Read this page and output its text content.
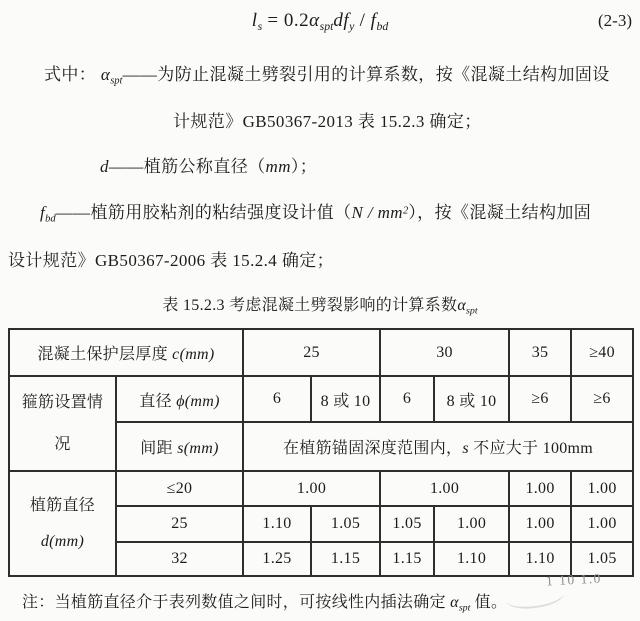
$l_s = 0.2\alpha_{spt}df_y / f_{bd}$	(2-3)
式中： $\alpha_{spt}——$为防止混凝土劈裂引用的计算系数，按《混凝土结构加固设
计规范》GB50367-2013 表 15.2.3 确定；
d——植筋公称直径（mm）；
$f_{bd}——$植筋用胶粘剂的粘结强度设计值$(N / mm^2)$，按《混凝土结构加固
设计规范》GB50367-2006 表 15.2.4 确定；
表 15.2.3 考虑混凝土劈裂影响的计算系数$\alpha_{spt}$
混凝土保护层厚度 c(mm)		25		30		35	≥40

箍筋设置情
况	直径 ϕ(mm)	6	8 或 10	6	8 或 10	≥6	≥6
	间距 s(mm)	在植筋锚固深度范围内，s 不应大于 100mm					

植筋直径
d(mm)	≤20	1.00		1.00		1.00	1.00
	25	1.10	1.05	1.05	1.00	1.00	1.00
	32	1.25	1.15	1.15	1.10	1.10	1.05
1 10 1.0
注：当植筋直径介于表列数值之间时，可按线性内插法确定 $\alpha_{spt}$ 值。
